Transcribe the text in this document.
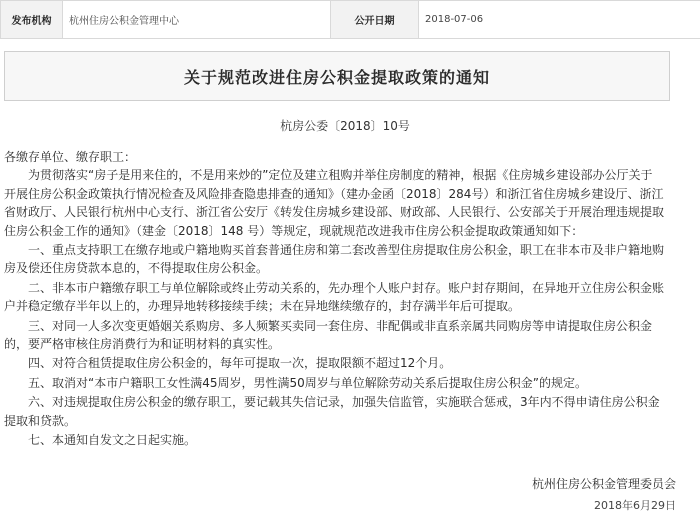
发布机构	杭州住房公积金管理中心	公开日期	2018-07-06
关于规范改进住房公积金提取政策的通知
杭房公委〔2018〕10号

各缴存单位、缴存职工：

为贯彻落实“房子是用来住的，不是用来炒的”定位及建立租购并举住房制度的精神，根据《住房城乡建设部办公厅关于开展住房公积金政策执行情况检查及风险排查隐患排查的通知》（建办金函〔2018〕284号）和浙江省住房城乡建设厅、浙江省财政厅、人民银行杭州中心支行、浙江省公安厅《转发住房城乡建设部、财政部、人民银行、公安部关于开展治理违规提取住房公积金工作的通知》（建金〔2018〕148 号）等规定，现就规范改进我市住房公积金提取政策通知如下：

一、重点支持职工在缴存地或户籍地购买首套普通住房和第二套改善型住房提取住房公积金，职工在非本市及非户籍地购房及偿还住房贷款本息的，不得提取住房公积金。

二、非本市户籍缴存职工与单位解除或终止劳动关系的，先办理个人账户封存。账户封存期间，在异地开立住房公积金账户并稳定缴存半年以上的，办理异地转移接续手续；未在异地继续缴存的，封存满半年后可提取。

三、对同一人多次变更婚姻关系购房、多人频繁买卖同一套住房、非配偶或非直系亲属共同购房等申请提取住房公积金的，要严格审核住房消费行为和证明材料的真实性。

四、对符合租赁提取住房公积金的，每年可提取一次，提取限额不超过12个月。

五、取消对“本市户籍职工女性满45周岁，男性满50周岁与单位解除劳动关系后提取住房公积金”的规定。

六、对违规提取住房公积金的缴存职工，要记载其失信记录，加强失信监管，实施联合惩戒，3年内不得申请住房公积金提取和贷款。

七、本通知自发文之日起实施。

杭州住房公积金管理委员会
2018年6月29日
